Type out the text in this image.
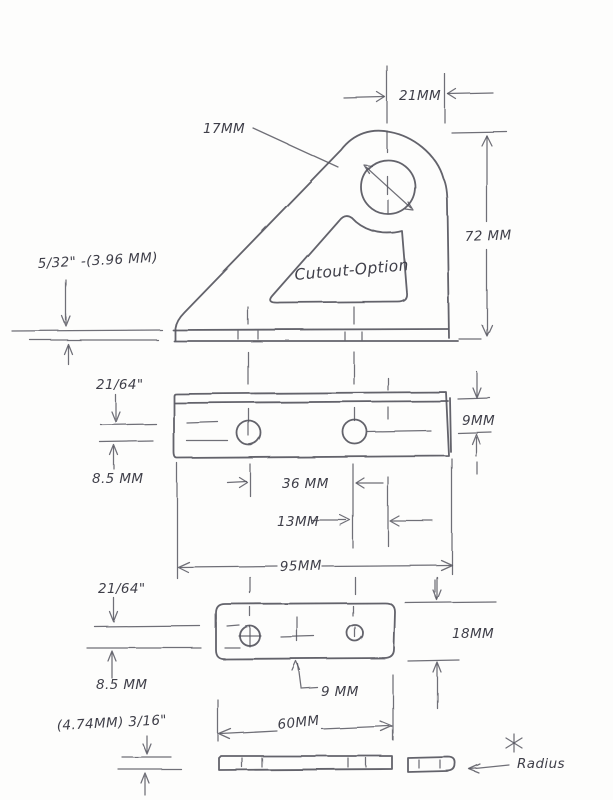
21MM
17MM
72 MM
5/32" -(3.96 MM)	Cutout-Option
21/64"
8.5 MM
9MM
36 MM
13MM
95MM
21/64"
8.5 MM
18MM
9 MM
60MM
(4.74MM) 3/16"
Radius
